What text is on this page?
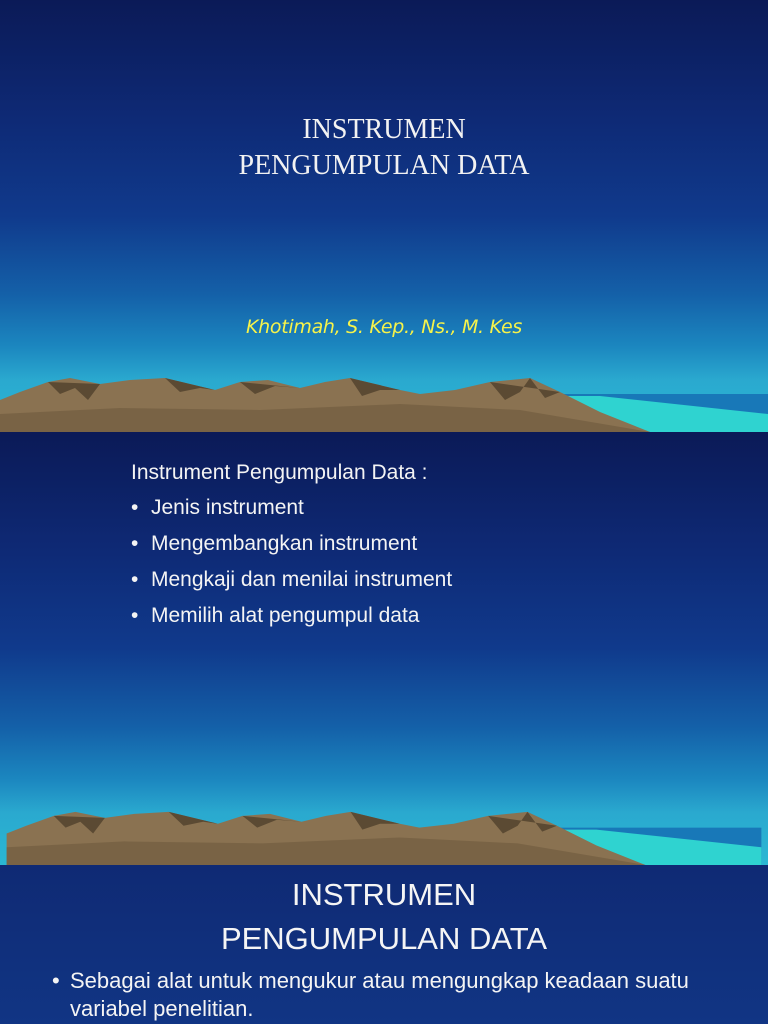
INSTRUMEN
PENGUMPULAN DATA
Khotimah, S. Kep., Ns., M. Kes
Instrument Pengumpulan Data :
• Jenis instrument
• Mengembangkan instrument
• Mengkaji dan menilai instrument
• Memilih alat pengumpul data
INSTRUMEN
PENGUMPULAN DATA
• Sebagai alat untuk mengukur atau mengungkap keadaan suatu variabel penelitian.
